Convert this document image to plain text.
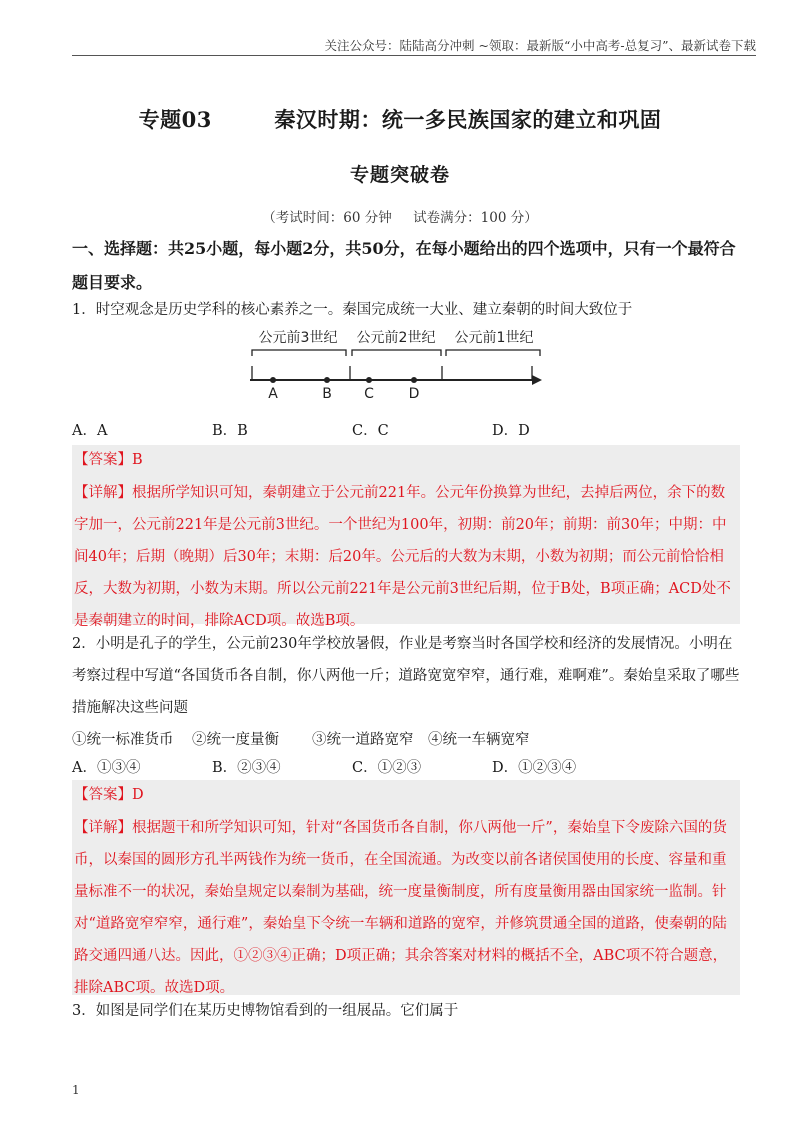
关注公众号：陆陆高分冲刺 ~领取：最新版“小中高考-总复习”、最新试卷下载
专题03        秦汉时期：统一多民族国家的建立和巩固
专题突破卷
（考试时间：60 分钟     试卷满分：100 分）
一、选择题：共25小题，每小题2分，共50分，在每小题给出的四个选项中，只有一个最符合题目要求。
1．时空观念是历史学科的核心素养之一。秦国完成统一大业、建立秦朝的时间大致位于
公元前3世纪 公元前2世纪 公元前1世纪
A	B C D
A．A	B．B	C．C	D．D
【答案】B
【详解】根据所学知识可知，秦朝建立于公元前221年。公元年份换算为世纪，去掉后两位，余下的数字加一，公元前221年是公元前3世纪。一个世纪为100年，初期：前20年；前期：前30年；中期：中间40年；后期（晚期）后30年；末期：后20年。公元后的大数为末期，小数为初期；而公元前恰恰相反，大数为初期，小数为末期。所以公元前221年是公元前3世纪后期，位于B处，B项正确；ACD处不是秦朝建立的时间，排除ACD项。故选B项。
2．小明是孔子的学生，公元前230年学校放暑假，作业是考察当时各国学校和经济的发展情况。小明在考察过程中写道“各国货币各自制，你八两他一斤；道路宽宽窄窄，通行难，难啊难”。秦始皇采取了哪些措施解决这些问题
①统一标准货币 ②统一度量衡 ③统一道路宽窄 ④统一车辆宽窄
A．①③④	B．②③④	C．①②③	D．①②③④
【答案】D
【详解】根据题干和所学知识可知，针对“各国货币各自制，你八两他一斤”，秦始皇下令废除六国的货币，以秦国的圆形方孔半两钱作为统一货币，在全国流通。为改变以前各诸侯国使用的长度、容量和重量标准不一的状况，秦始皇规定以秦制为基础，统一度量衡制度，所有度量衡用器由国家统一监制。针对“道路宽窄窄窄，通行难”，秦始皇下令统一车辆和道路的宽窄，并修筑贯通全国的道路，使秦朝的陆路交通四通八达。因此，①②③④正确；D项正确；其余答案对材料的概括不全，ABC项不符合题意，排除ABC项。故选D项。
3．如图是同学们在某历史博物馆看到的一组展品。它们属于
1
